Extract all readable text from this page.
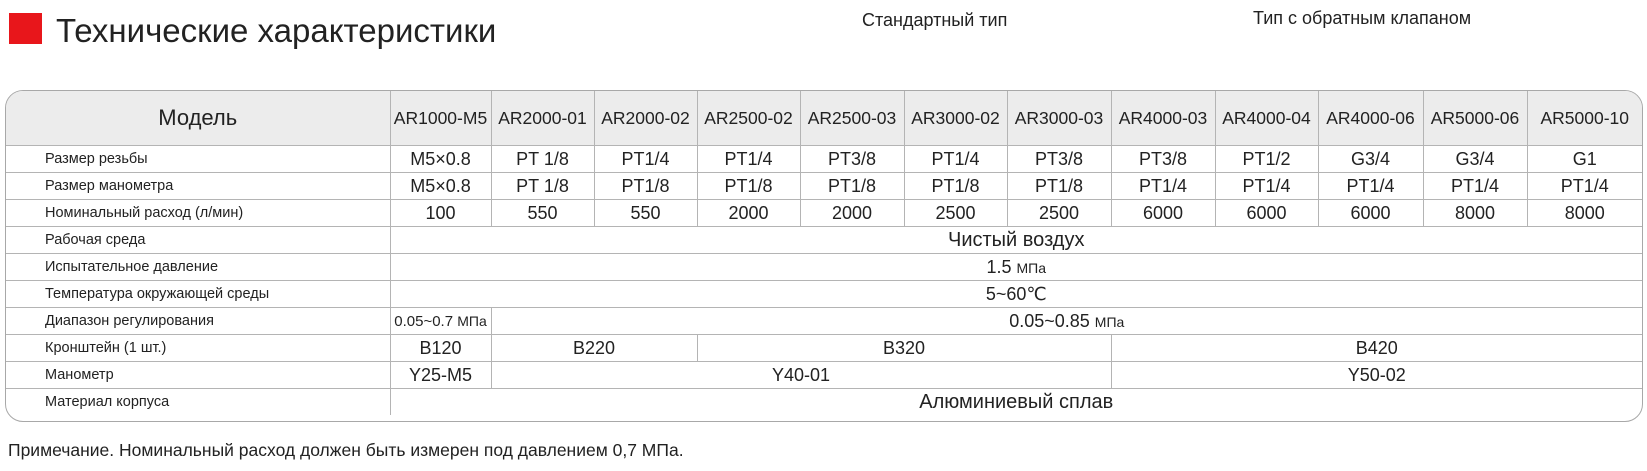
Технические характеристики	Стандартный тип	Тип с обратным клапаном
Модель	AR1000-M5	AR2000-01	AR2000-02	AR2500-02	AR2500-03	AR3000-02	AR3000-03	AR4000-03	AR4000-04	AR4000-06	AR5000-06	AR5000-10
Размер резьбы	M5×0.8	PT 1/8	PT1/4	PT1/4	PT3/8	PT1/4	PT3/8	PT3/8	PT1/2	G3/4	G3/4	G1
Размер манометра	M5×0.8	PT 1/8	PT1/8	PT1/8	PT1/8	PT1/8	PT1/8	PT1/4	PT1/4	PT1/4	PT1/4	PT1/4
Номинальный расход (л/мин)	100	550	550	2000	2000	2500	2500	6000	6000	6000	8000	8000
Рабочая среда	Чистый воздух											
Испытательное давление	1.5 МПа											
Температура окружающей среды	5~60℃											
Диапазон регулирования	0.05~0.7 МПа	0.05~0.85 МПа										
Кронштейн (1 шт.)	B120	B220		B320				B420				
Манометр	Y25-M5	Y40-01						Y50-02				
Материал корпуса	Алюминиевый сплав											
Примечание. Номинальный расход должен быть измерен под давлением 0,7 МПа.
